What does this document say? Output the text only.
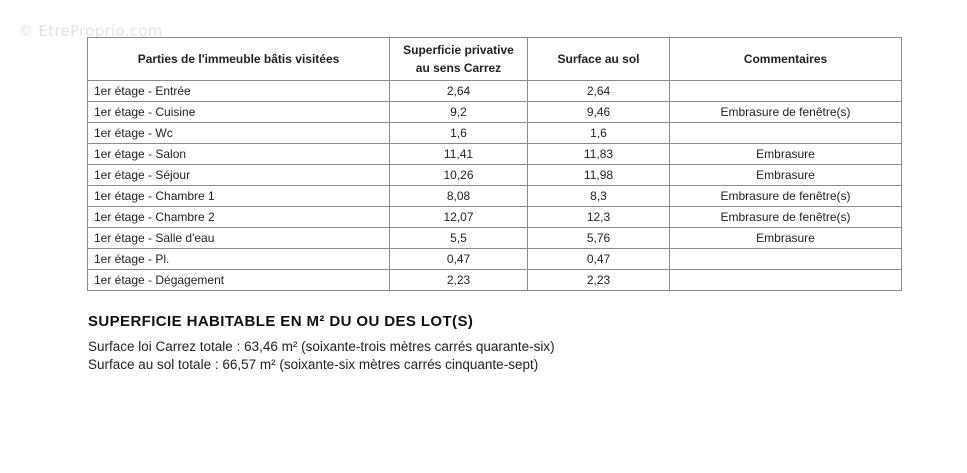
© EtreProprio.com
Parties de l'immeuble bâtis visitées	Superficie privative au sens Carrez	Surface au sol	Commentaires
1er étage - Entrée	2,64	2,64	
1er étage - Cuisine	9,2	9,46	Embrasure de fenêtre(s)
1er étage - Wc	1,6	1,6	
1er étage - Salon	11,41	11,83	Embrasure
1er étage - Séjour	10,26	11,98	Embrasure
1er étage - Chambre 1	8,08	8,3	Embrasure de fenêtre(s)
1er étage - Chambre 2	12,07	12,3	Embrasure de fenêtre(s)
1er étage - Salle d'eau	5,5	5,76	Embrasure
1er étage - Pl.	0,47	0,47	
1er étage - Dégagement	2,23	2,23	
SUPERFICIE HABITABLE EN M² DU OU DES LOT(S)
Surface loi Carrez totale : 63,46 m² (soixante-trois mètres carrés quarante-six)
Surface au sol totale : 66,57 m² (soixante-six mètres carrés cinquante-sept)
